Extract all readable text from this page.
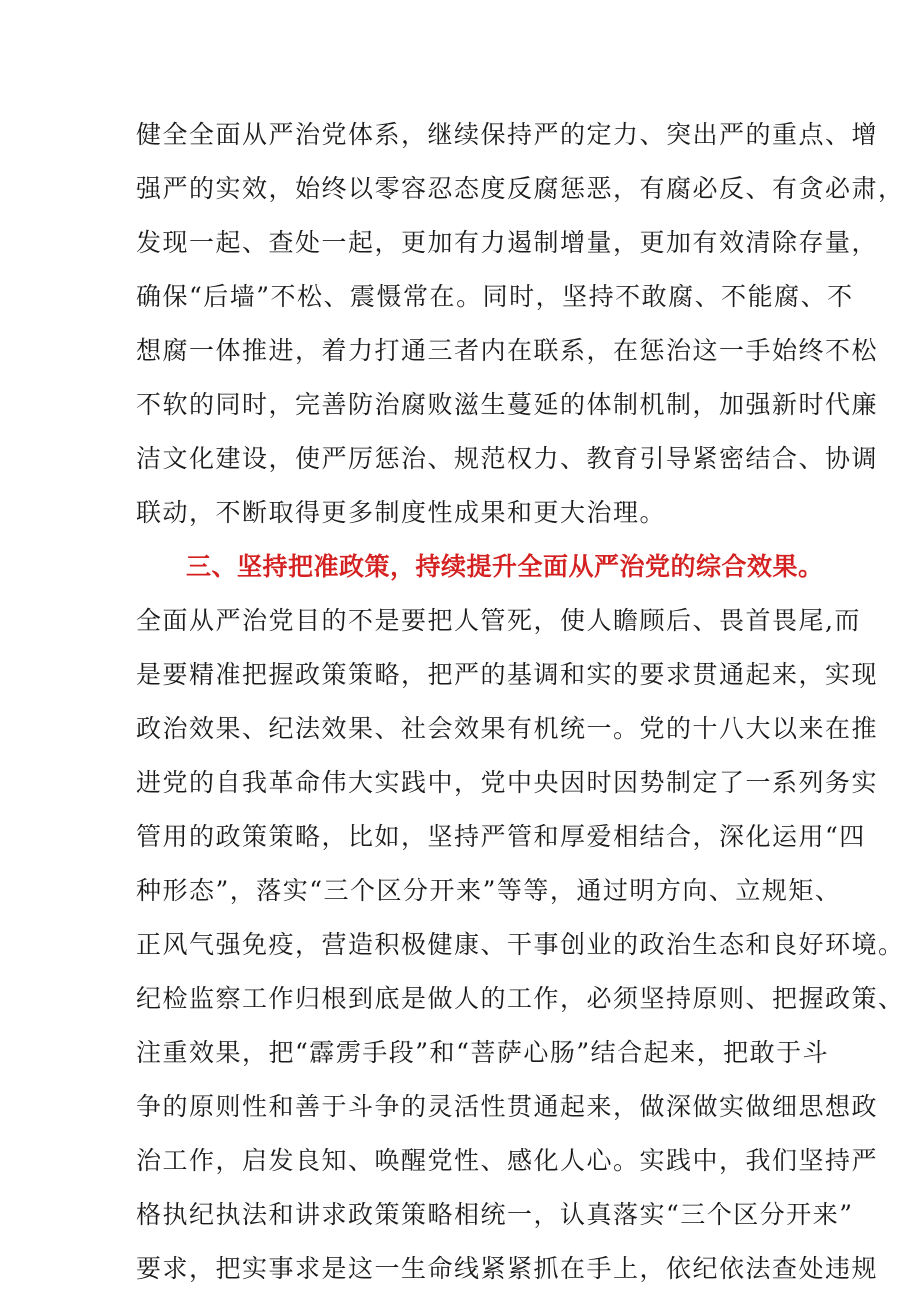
健全全面从严治党体系，继续保持严的定力、突出严的重点、增
强严的实效，始终以零容忍态度反腐惩恶，有腐必反、有贪必肃，
发现一起、查处一起，更加有力遏制增量，更加有效清除存量，
确保“后墙”不松、震慑常在。同时，坚持不敢腐、不能腐、不
想腐一体推进，着力打通三者内在联系，在惩治这一手始终不松
不软的同时，完善防治腐败滋生蔓延的体制机制，加强新时代廉
洁文化建设，使严厉惩治、规范权力、教育引导紧密结合、协调
联动，不断取得更多制度性成果和更大治理。
三、坚持把准政策，持续提升全面从严治党的综合效果。
全面从严治党目的不是要把人管死，使人瞻顾后、畏首畏尾,而
是要精准把握政策策略，把严的基调和实的要求贯通起来，实现
政治效果、纪法效果、社会效果有机统一。党的十八大以来在推
进党的自我革命伟大实践中，党中央因时因势制定了一系列务实
管用的政策策略，比如，坚持严管和厚爱相结合，深化运用“四
种形态”，落实“三个区分开来”等等，通过明方向、立规矩、
正风气强免疫，营造积极健康、干事创业的政治生态和良好环境。
纪检监察工作归根到底是做人的工作，必须坚持原则、把握政策、
注重效果，把“霹雳手段”和“菩萨心肠”结合起来，把敢于斗
争的原则性和善于斗争的灵活性贯通起来，做深做实做细思想政
治工作，启发良知、唤醒党性、感化人心。实践中，我们坚持严
格执纪执法和讲求政策策略相统一，认真落实“三个区分开来”
要求，把实事求是这一生命线紧紧抓在手上，依纪依法查处违规
